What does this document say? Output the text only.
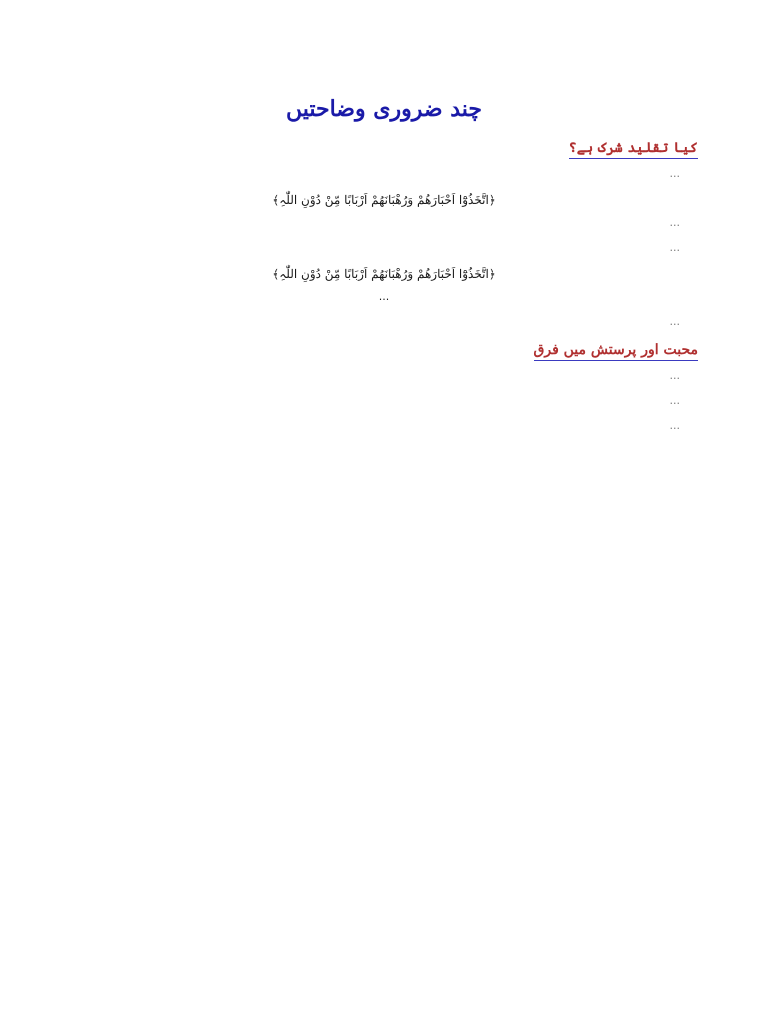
چند ضروری وضاحتیں
کیا تقلید شرک ہے؟

…

﴿اتَّخَذُوْٓا اَحْبَارَھُمْ وَرُھْبَانَھُمْ اَرْبَابًا مِّنْ دُوْنِ اللّٰہِ﴾

…

…

﴿اتَّخَذُوْٓا اَحْبَارَھُمْ وَرُھْبَانَھُمْ اَرْبَابًا مِّنْ دُوْنِ اللّٰہِ﴾

…

…

محبت اور پرستش میں فرق

…

…

…
